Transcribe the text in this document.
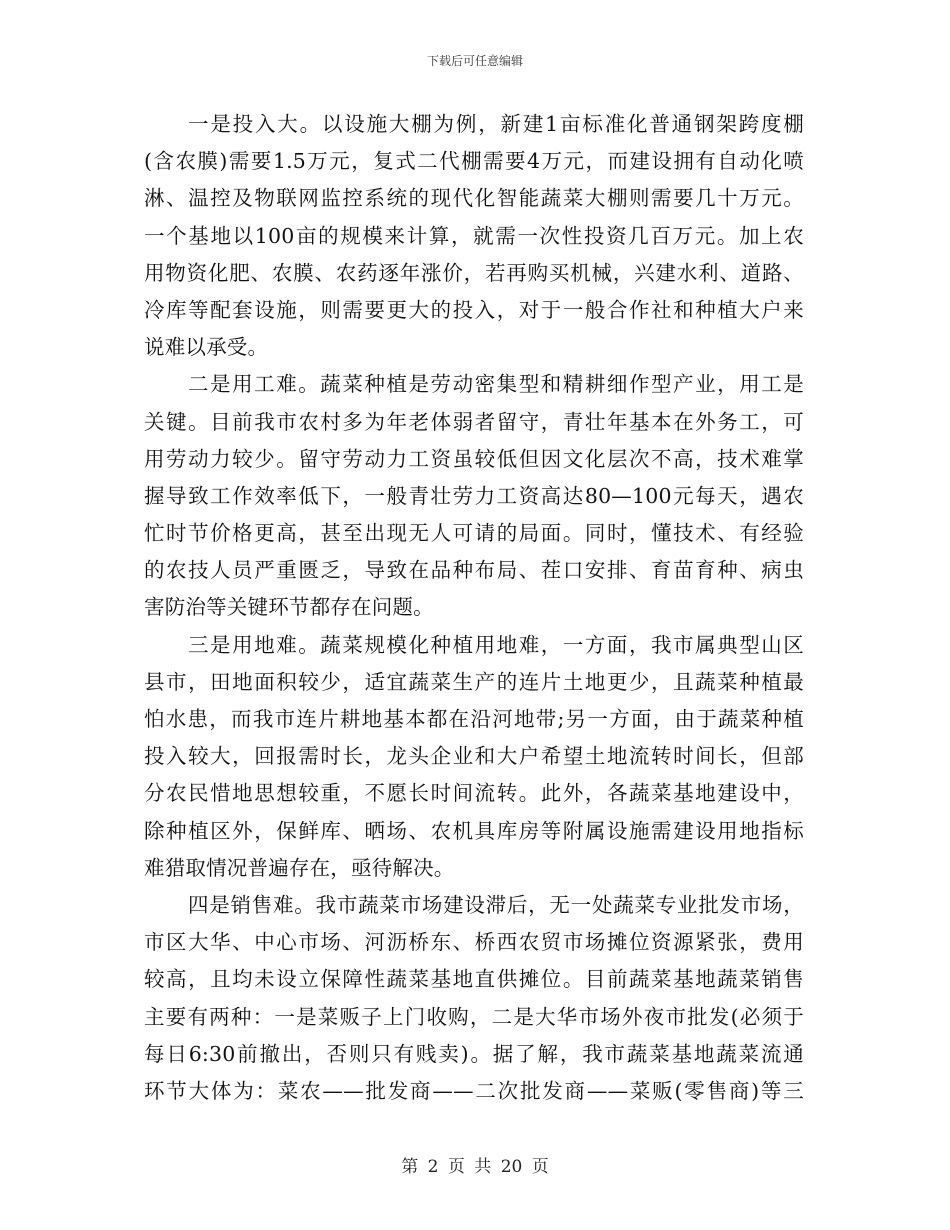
下载后可任意编辑
一是投入大。以设施大棚为例，新建1亩标准化普通钢架跨度棚
(含农膜)需要1.5万元，复式二代棚需要4万元，而建设拥有自动化喷
淋、温控及物联网监控系统的现代化智能蔬菜大棚则需要几十万元。
一个基地以100亩的规模来计算，就需一次性投资几百万元。加上农
用物资化肥、农膜、农药逐年涨价，若再购买机械，兴建水利、道路、
冷库等配套设施，则需要更大的投入，对于一般合作社和种植大户来
说难以承受。
二是用工难。蔬菜种植是劳动密集型和精耕细作型产业，用工是
关键。目前我市农村多为年老体弱者留守，青壮年基本在外务工，可
用劳动力较少。留守劳动力工资虽较低但因文化层次不高，技术难掌
握导致工作效率低下，一般青壮劳力工资高达80—100元每天，遇农
忙时节价格更高，甚至出现无人可请的局面。同时，懂技术、有经验
的农技人员严重匮乏，导致在品种布局、茬口安排、育苗育种、病虫
害防治等关键环节都存在问题。
三是用地难。蔬菜规模化种植用地难，一方面，我市属典型山区
县市，田地面积较少，适宜蔬菜生产的连片土地更少，且蔬菜种植最
怕水患，而我市连片耕地基本都在沿河地带;另一方面，由于蔬菜种植
投入较大，回报需时长，龙头企业和大户希望土地流转时间长，但部
分农民惜地思想较重，不愿长时间流转。此外，各蔬菜基地建设中，
除种植区外，保鲜库、晒场、农机具库房等附属设施需建设用地指标
难猎取情况普遍存在，亟待解决。
四是销售难。我市蔬菜市场建设滞后，无一处蔬菜专业批发市场，
市区大华、中心市场、河沥桥东、桥西农贸市场摊位资源紧张，费用
较高，且均未设立保障性蔬菜基地直供摊位。目前蔬菜基地蔬菜销售
主要有两种：一是菜贩子上门收购，二是大华市场外夜市批发(必须于
每日6:30前撤出，否则只有贱卖)。据了解，我市蔬菜基地蔬菜流通
环节大体为：菜农——批发商——二次批发商——菜贩(零售商)等三
第 2 页 共 20 页
